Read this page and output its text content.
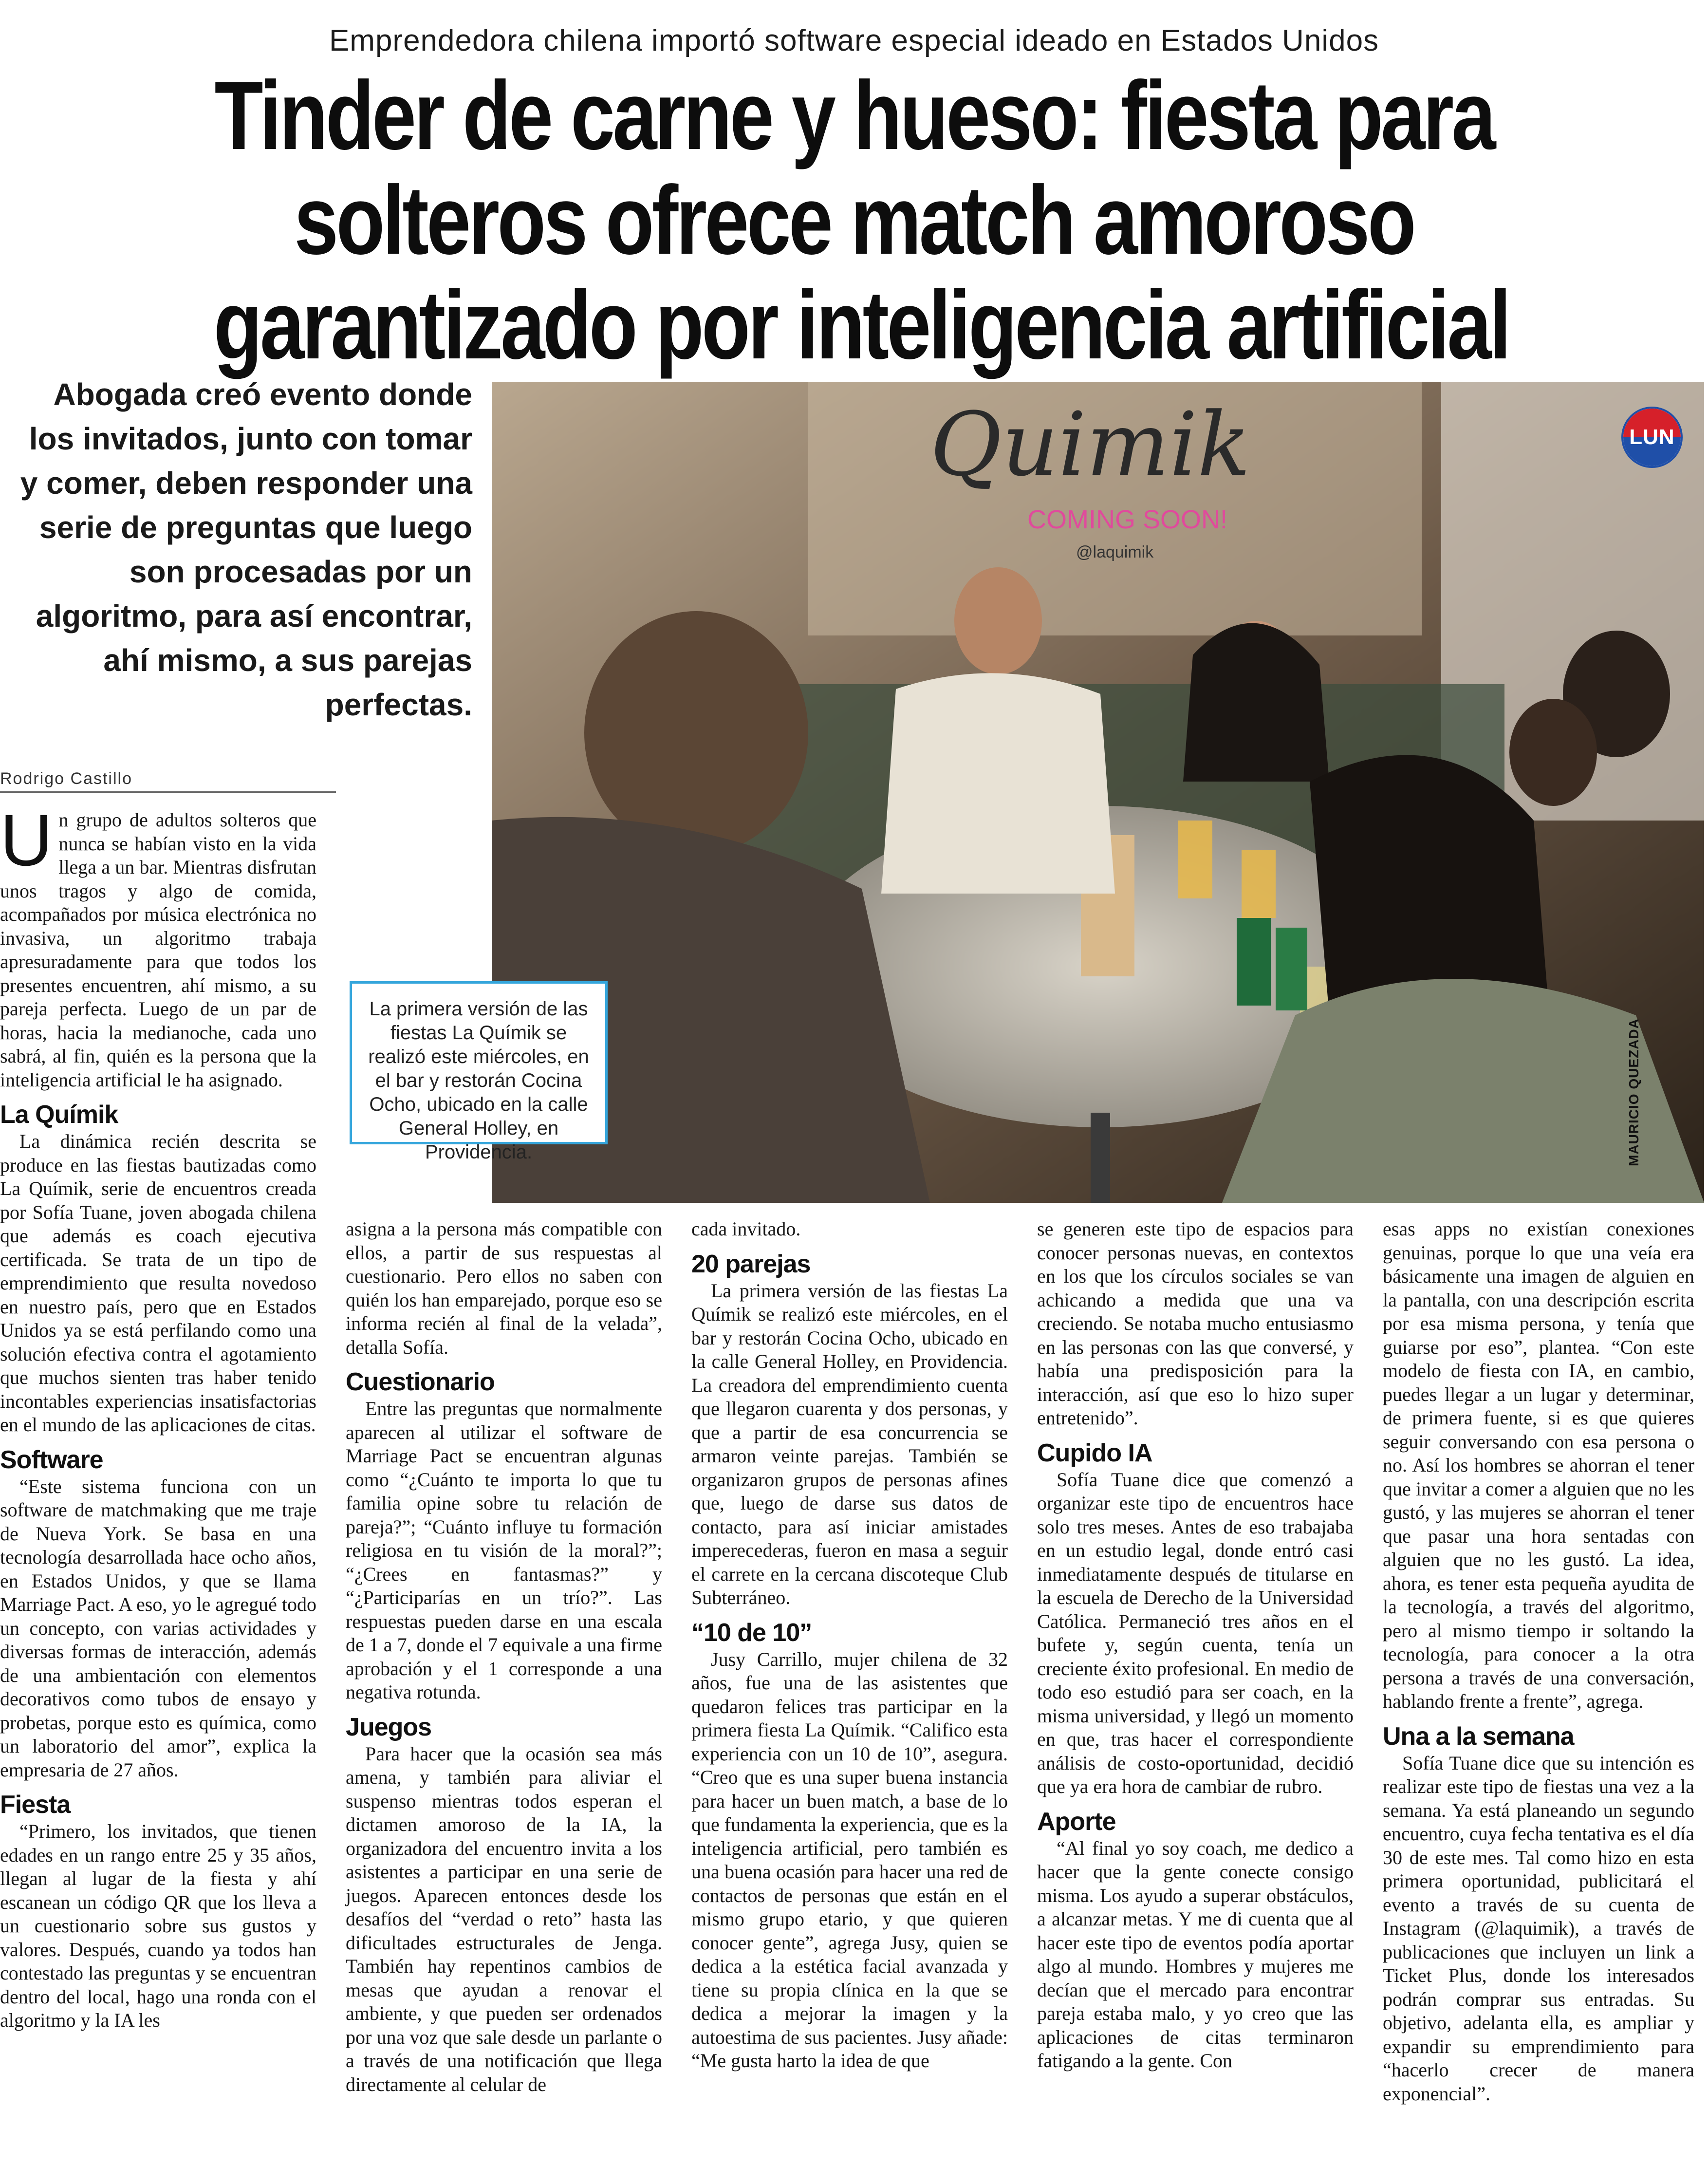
Emprendedora chilena importó software especial ideado en Estados Unidos
Tinder de carne y hueso: fiesta para
solteros ofrece match amoroso
garantizado por inteligencia artificial
Abogada creó evento donde los invitados, junto con tomar y comer, deben responder una serie de preguntas que luego son procesadas por un algoritmo, para así encontrar, ahí mismo, a sus parejas perfectas.
Quimik
COMING SOON!
@laquimik
LUN
MAURICIO QUEZADA
La primera versión de las fiestas La Químik se realizó este miércoles, en el bar y restorán Cocina Ocho, ubicado en la calle General Holley, en Providencia.
Rodrigo Castillo

Un grupo de adultos solteros que nunca se habían visto en la vida llega a un bar. Mientras disfrutan unos tragos y algo de comida, acompañados por música electrónica no invasiva, un algoritmo trabaja apresuradamente para que todos los presentes encuentren, ahí mismo, a su pareja perfecta. Luego de un par de horas, hacia la medianoche, cada uno sabrá, al fin, quién es la persona que la inteligencia artificial le ha asignado.

La Químik

La dinámica recién descrita se produce en las fiestas bautizadas como La Químik, serie de encuentros creada por Sofía Tuane, joven abogada chilena que además es coach ejecutiva certificada. Se trata de un tipo de emprendimiento que resulta novedoso en nuestro país, pero que en Estados Unidos ya se está perfilando como una solución efectiva contra el agotamiento que muchos sienten tras haber tenido incontables experiencias insatisfactorias en el mundo de las aplicaciones de citas.

Software

“Este sistema funciona con un software de matchmaking que me traje de Nueva York. Se basa en una tecnología desarrollada hace ocho años, en Estados Unidos, y que se llama Marriage Pact. A eso, yo le agregué todo un concepto, con varias actividades y diversas formas de interacción, además de una ambientación con elementos decorativos como tubos de ensayo y probetas, porque esto es química, como un laboratorio del amor”, explica la empresaria de 27 años.

Fiesta

“Primero, los invitados, que tienen edades en un rango entre 25 y 35 años, llegan al lugar de la fiesta y ahí escanean un código QR que los lleva a un cuestionario sobre sus gustos y valores. Después, cuando ya todos han contestado las preguntas y se encuentran dentro del local, hago una ronda con el algoritmo y la IA les

asigna a la persona más compatible con ellos, a partir de sus respuestas al cuestionario. Pero ellos no saben con quién los han emparejado, porque eso se informa recién al final de la velada”, detalla Sofía.

Cuestionario

Entre las preguntas que normalmente aparecen al utilizar el software de Marriage Pact se encuentran algunas como “¿Cuánto te importa lo que tu familia opine sobre tu relación de pareja?”; “Cuánto influye tu formación religiosa en tu visión de la moral?”; “¿Crees en fantasmas?” y “¿Participarías en un trío?”. Las respuestas pueden darse en una escala de 1 a 7, donde el 7 equivale a una firme aprobación y el 1 corresponde a una negativa rotunda.

Juegos

Para hacer que la ocasión sea más amena, y también para aliviar el suspenso mientras todos esperan el dictamen amoroso de la IA, la organizadora del encuentro invita a los asistentes a participar en una serie de juegos. Aparecen entonces desde los desafíos del “verdad o reto” hasta las dificultades estructurales de Jenga. También hay repentinos cambios de mesas que ayudan a renovar el ambiente, y que pueden ser ordenados por una voz que sale desde un parlante o a través de una notificación que llega directamente al celular de

cada invitado.

20 parejas

La primera versión de las fiestas La Químik se realizó este miércoles, en el bar y restorán Cocina Ocho, ubicado en la calle General Holley, en Providencia. La creadora del emprendimiento cuenta que llegaron cuarenta y dos personas, y que a partir de esa concurrencia se armaron veinte parejas. También se organizaron grupos de personas afines que, luego de darse sus datos de contacto, para así iniciar amistades imperecederas, fueron en masa a seguir el carrete en la cercana discoteque Club Subterráneo.

“10 de 10”

Jusy Carrillo, mujer chilena de 32 años, fue una de las asistentes que quedaron felices tras participar en la primera fiesta La Químik. “Califico esta experiencia con un 10 de 10”, asegura. “Creo que es una super buena instancia para hacer un buen match, a base de lo que fundamenta la experiencia, que es la inteligencia artificial, pero también es una buena ocasión para hacer una red de contactos de personas que están en el mismo grupo etario, y que quieren conocer gente”, agrega Jusy, quien se dedica a la estética facial avanzada y tiene su propia clínica en la que se dedica a mejorar la imagen y la autoestima de sus pacientes. Jusy añade: “Me gusta harto la idea de que

se generen este tipo de espacios para conocer personas nuevas, en contextos en los que los círculos sociales se van achicando a medida que una va creciendo. Se notaba mucho entusiasmo en las personas con las que conversé, y había una predisposición para la interacción, así que eso lo hizo super entretenido”.

Cupido IA

Sofía Tuane dice que comenzó a organizar este tipo de encuentros hace solo tres meses. Antes de eso trabajaba en un estudio legal, donde entró casi inmediatamente después de titularse en la escuela de Derecho de la Universidad Católica. Permaneció tres años en el bufete y, según cuenta, tenía un creciente éxito profesional. En medio de todo eso estudió para ser coach, en la misma universidad, y llegó un momento en que, tras hacer el correspondiente análisis de costo-oportunidad, decidió que ya era hora de cambiar de rubro.

Aporte

“Al final yo soy coach, me dedico a hacer que la gente conecte consigo misma. Los ayudo a superar obstáculos, a alcanzar metas. Y me di cuenta que al hacer este tipo de eventos podía aportar algo al mundo. Hombres y mujeres me decían que el mercado para encontrar pareja estaba malo, y yo creo que las aplicaciones de citas terminaron fatigando a la gente. Con

esas apps no existían conexiones genuinas, porque lo que una veía era básicamente una imagen de alguien en la pantalla, con una descripción escrita por esa misma persona, y tenía que guiarse por eso”, plantea. “Con este modelo de fiesta con IA, en cambio, puedes llegar a un lugar y determinar, de primera fuente, si es que quieres seguir conversando con esa persona o no. Así los hombres se ahorran el tener que invitar a comer a alguien que no les gustó, y las mujeres se ahorran el tener que pasar una hora sentadas con alguien que no les gustó. La idea, ahora, es tener esta pequeña ayudita de la tecnología, a través del algoritmo, pero al mismo tiempo ir soltando la tecnología, para conocer a la otra persona a través de una conversación, hablando frente a frente”, agrega.

Una a la semana

Sofía Tuane dice que su intención es realizar este tipo de fiestas una vez a la semana. Ya está planeando un segundo encuentro, cuya fecha tentativa es el día 30 de este mes. Tal como hizo en esta primera oportunidad, publicitará el evento a través de su cuenta de Instagram (@laquimik), a través de publicaciones que incluyen un link a Ticket Plus, donde los interesados podrán comprar sus entradas. Su objetivo, adelanta ella, es ampliar y expandir su emprendimiento para “hacerlo crecer de manera exponencial”.
